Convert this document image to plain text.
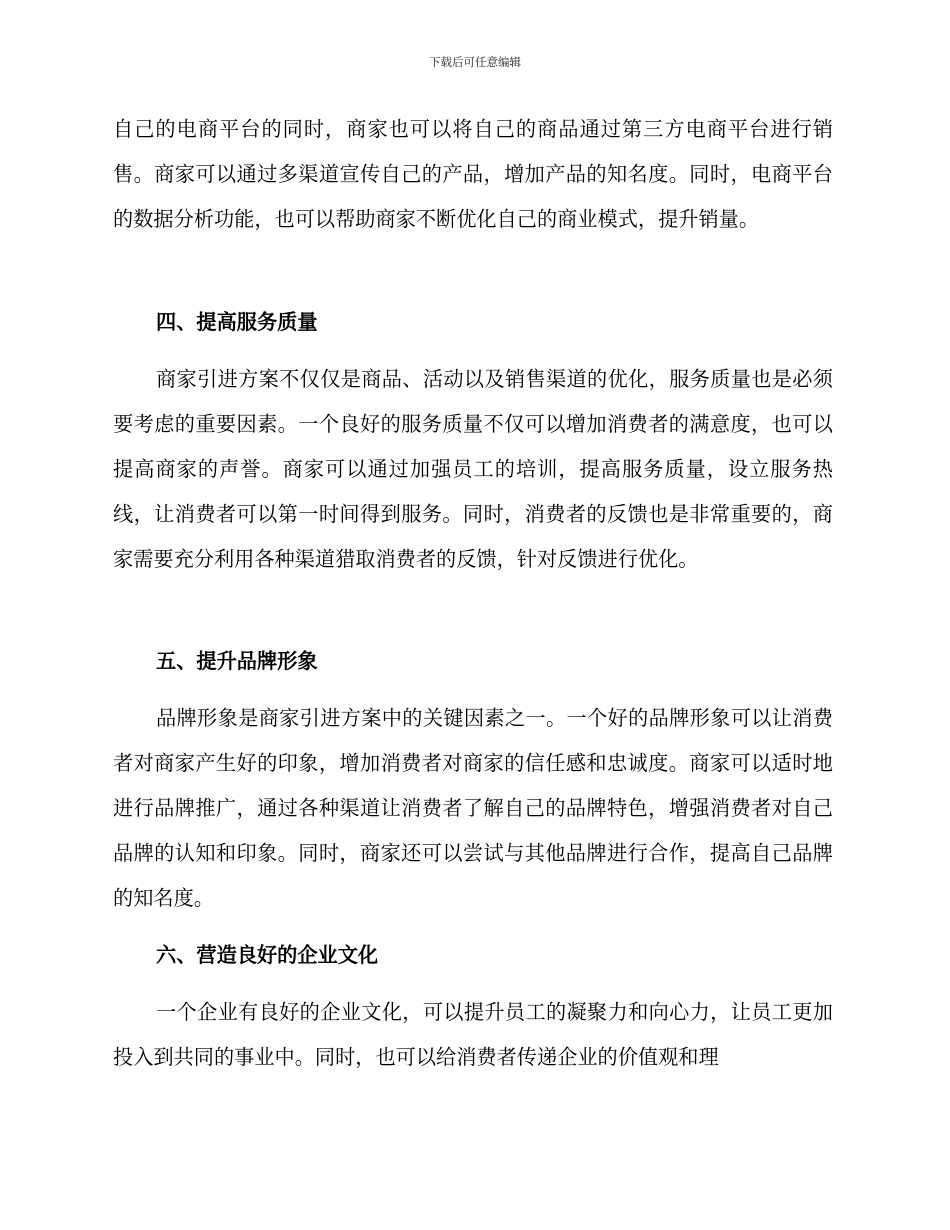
下载后可任意编辑

自己的电商平台的同时，商家也可以将自己的商品通过第三方电商平台进行销售。商家可以通过多渠道宣传自己的产品，增加产品的知名度。同时，电商平台的数据分析功能，也可以帮助商家不断优化自己的商业模式，提升销量。

四、提高服务质量

商家引进方案不仅仅是商品、活动以及销售渠道的优化，服务质量也是必须要考虑的重要因素。一个良好的服务质量不仅可以增加消费者的满意度，也可以提高商家的声誉。商家可以通过加强员工的培训，提高服务质量，设立服务热线，让消费者可以第一时间得到服务。同时，消费者的反馈也是非常重要的，商家需要充分利用各种渠道猎取消费者的反馈，针对反馈进行优化。

五、提升品牌形象

品牌形象是商家引进方案中的关键因素之一。一个好的品牌形象可以让消费者对商家产生好的印象，增加消费者对商家的信任感和忠诚度。商家可以适时地进行品牌推广，通过各种渠道让消费者了解自己的品牌特色，增强消费者对自己品牌的认知和印象。同时，商家还可以尝试与其他品牌进行合作，提高自己品牌的知名度。

六、营造良好的企业文化

一个企业有良好的企业文化，可以提升员工的凝聚力和向心力，让员工更加投入到共同的事业中。同时，也可以给消费者传递企业的价值观和理
